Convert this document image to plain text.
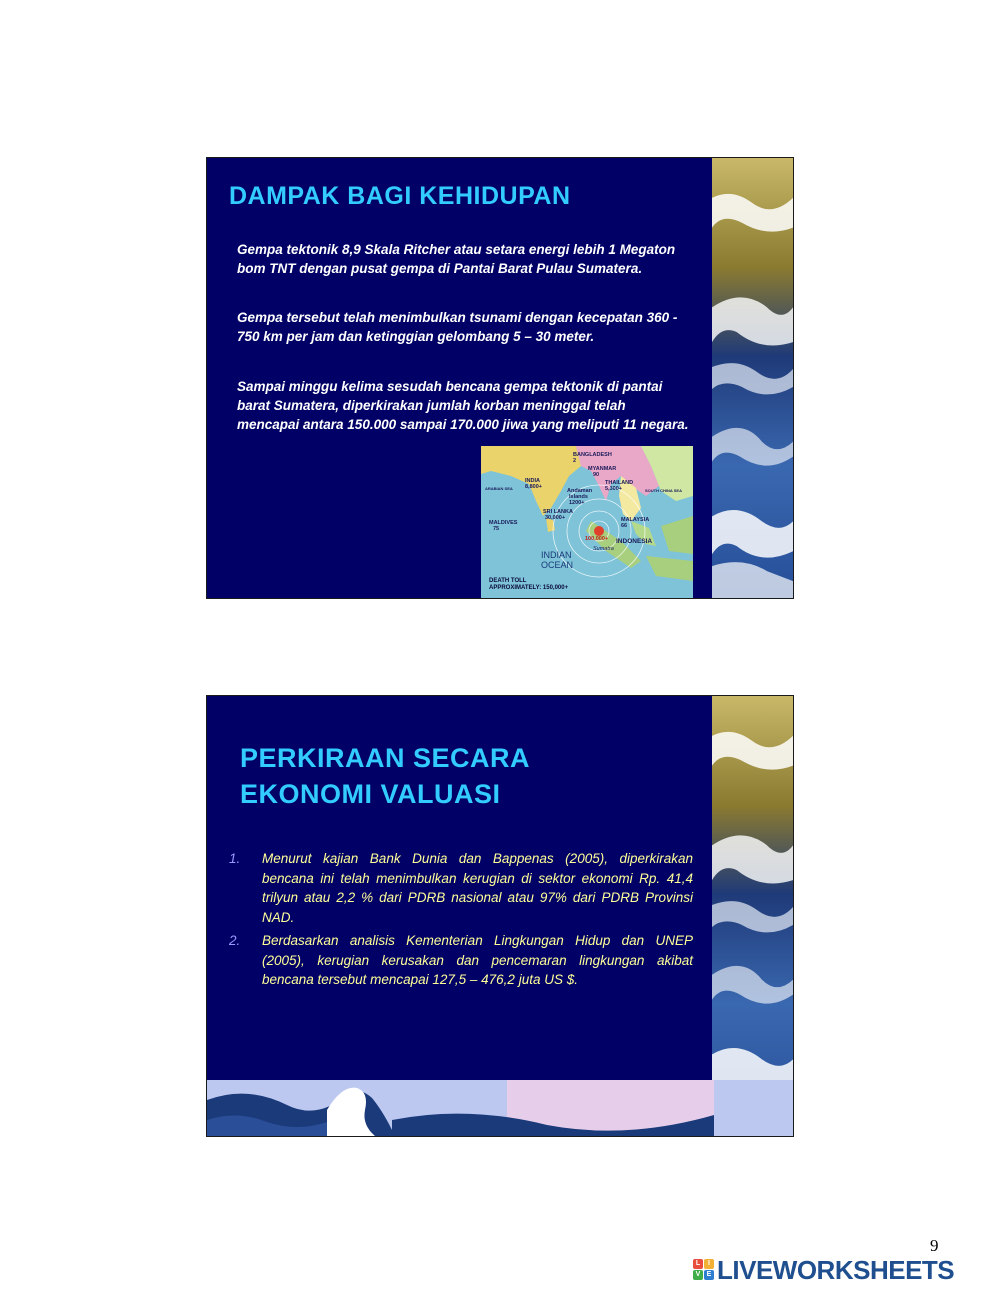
DAMPAK BAGI KEHIDUPAN

Gempa tektonik 8,9 Skala Ritcher atau setara energi lebih 1 Megaton bom TNT dengan pusat gempa di Pantai Barat Pulau Sumatera.

Gempa tersebut telah menimbulkan tsunami dengan kecepatan 360 - 750 km per jam dan ketinggian gelombang 5 – 30 meter.

Sampai minggu kelima sesudah bencana gempa tektonik di pantai barat Sumatera, diperkirakan jumlah korban meninggal telah mencapai antara 150.000 sampai 170.000 jiwa yang meliputi 11 negara.

BANGLADESH
2
MYANMAR
90
INDIA
8,800+
ARABIAN SEA	Andaman
Islands
1200+
THAILAND
5,300+	SOUTH CHINA SEA
SRI LANKA
30,000+	MALAYSIA
66
MALDIVES
75
INDONESIA
100,000+
Sumatra
INDIAN
OCEAN
DEATH TOLL
APPROXIMATELY: 150,000+
PERKIRAAN SECARA EKONOMI VALUASI
1.	Menurut kajian Bank Dunia dan Bappenas (2005), diperkirakan bencana ini telah menimbulkan kerugian di sektor ekonomi Rp. 41,4 trilyun atau 2,2 % dari PDRB nasional atau 97% dari PDRB Provinsi NAD.
2.	Berdasarkan analisis Kementerian Lingkungan Hidup dan UNEP (2005), kerugian kerusakan dan pencemaran lingkungan akibat bencana tersebut mencapai 127,5 – 476,2 juta US $.
9
L	I
V E LIVEWORKSHEETS
